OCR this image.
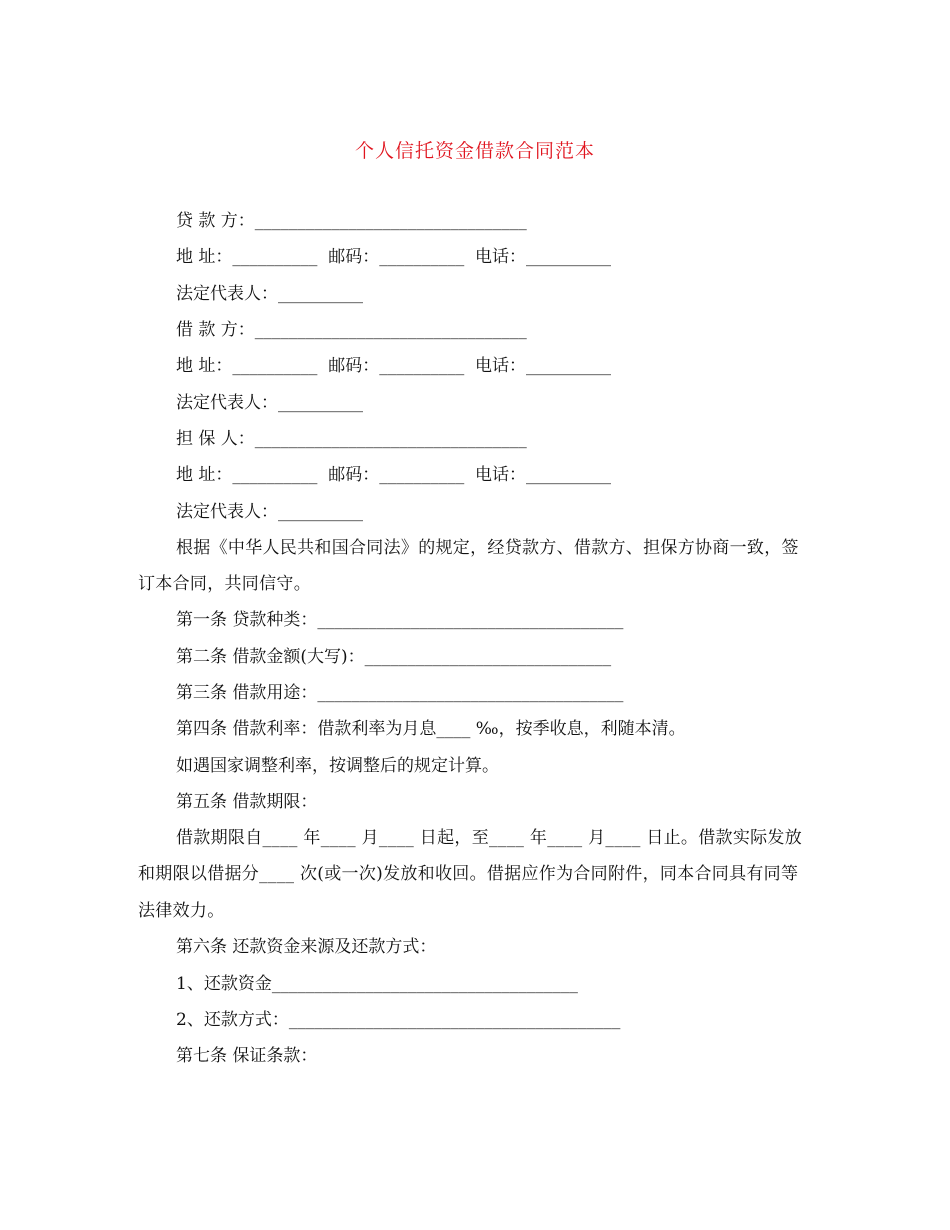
个人信托资金借款合同范本

贷 款 方：________________________________

地 址：__________  邮码：__________  电话：__________

法定代表人：__________

借 款 方：________________________________

地 址：__________  邮码：__________  电话：__________

法定代表人：__________

担 保 人：________________________________

地 址：__________  邮码：__________  电话：__________

法定代表人：__________

根据《中华人民共和国合同法》的规定，经贷款方、借款方、担保方协商一致，签订本合同，共同信守。

第一条 贷款种类：____________________________________

第二条 借款金额(大写)：_____________________________

第三条 借款用途：____________________________________

第四条 借款利率：借款利率为月息____ ‰，按季收息，利随本清。

如遇国家调整利率，按调整后的规定计算。

第五条 借款期限：

借款期限自____ 年____ 月____ 日起，至____ 年____ 月____ 日止。借款实际发放和期限以借据分____ 次(或一次)发放和收回。借据应作为合同附件，同本合同具有同等法律效力。

第六条 还款资金来源及还款方式：

1、还款资金____________________________________

2、还款方式：_______________________________________

第七条 保证条款：
